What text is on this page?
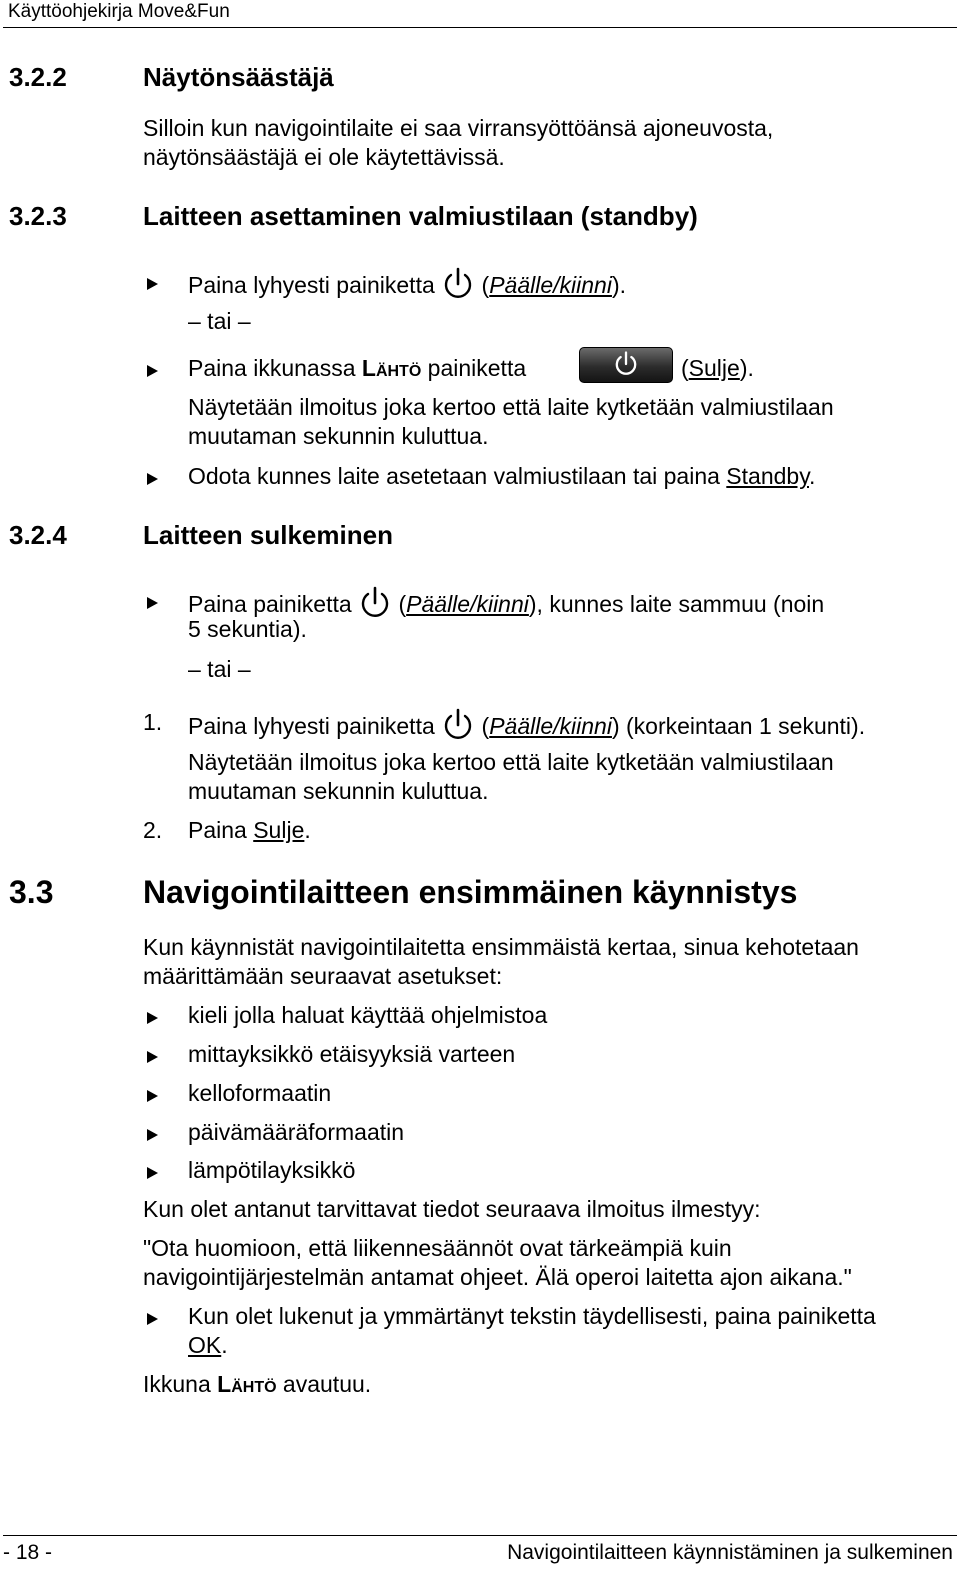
Käyttöohjekirja Move&Fun
3.2.2	Näytönsäästäjä
Silloin kun navigointilaite ei saa virransyöttöänsä ajoneuvosta,
näytönsäästäjä ei ole käytettävissä.
3.2.3	Laitteen asettaminen valmiustilaan (standby)
Paina lyhyesti painiketta (Päälle/kiinni).
– tai –
Paina ikkunassa Lähtö painiketta	(Sulje).
Näytetään ilmoitus joka kertoo että laite kytketään valmiustilaan
muutaman sekunnin kuluttua.
Odota kunnes laite asetetaan valmiustilaan tai paina Standby.
3.2.4	Laitteen sulkeminen
Paina painiketta (Päälle/kiinni), kunnes laite sammuu (noin
5 sekuntia).
– tai –
1. Paina lyhyesti painiketta (Päälle/kiinni) (korkeintaan 1 sekunti).
Näytetään ilmoitus joka kertoo että laite kytketään valmiustilaan
muutaman sekunnin kuluttua.
2. Paina Sulje.
3.3	Navigointilaitteen ensimmäinen käynnistys
Kun käynnistät navigointilaitetta ensimmäistä kertaa, sinua kehotetaan
määrittämään seuraavat asetukset:
kieli jolla haluat käyttää ohjelmistoa
mittayksikkö etäisyyksiä varteen
kelloformaatin
päivämääräformaatin
lämpötilayksikkö
Kun olet antanut tarvittavat tiedot seuraava ilmoitus ilmestyy:
"Ota huomioon, että liikennesäännöt ovat tärkeämpiä kuin
navigointijärjestelmän antamat ohjeet. Älä operoi laitetta ajon aikana."
Kun olet lukenut ja ymmärtänyt tekstin täydellisesti, paina painiketta
OK.
Ikkuna Lähtö avautuu.
- 18 -	Navigointilaitteen käynnistäminen ja sulkeminen
